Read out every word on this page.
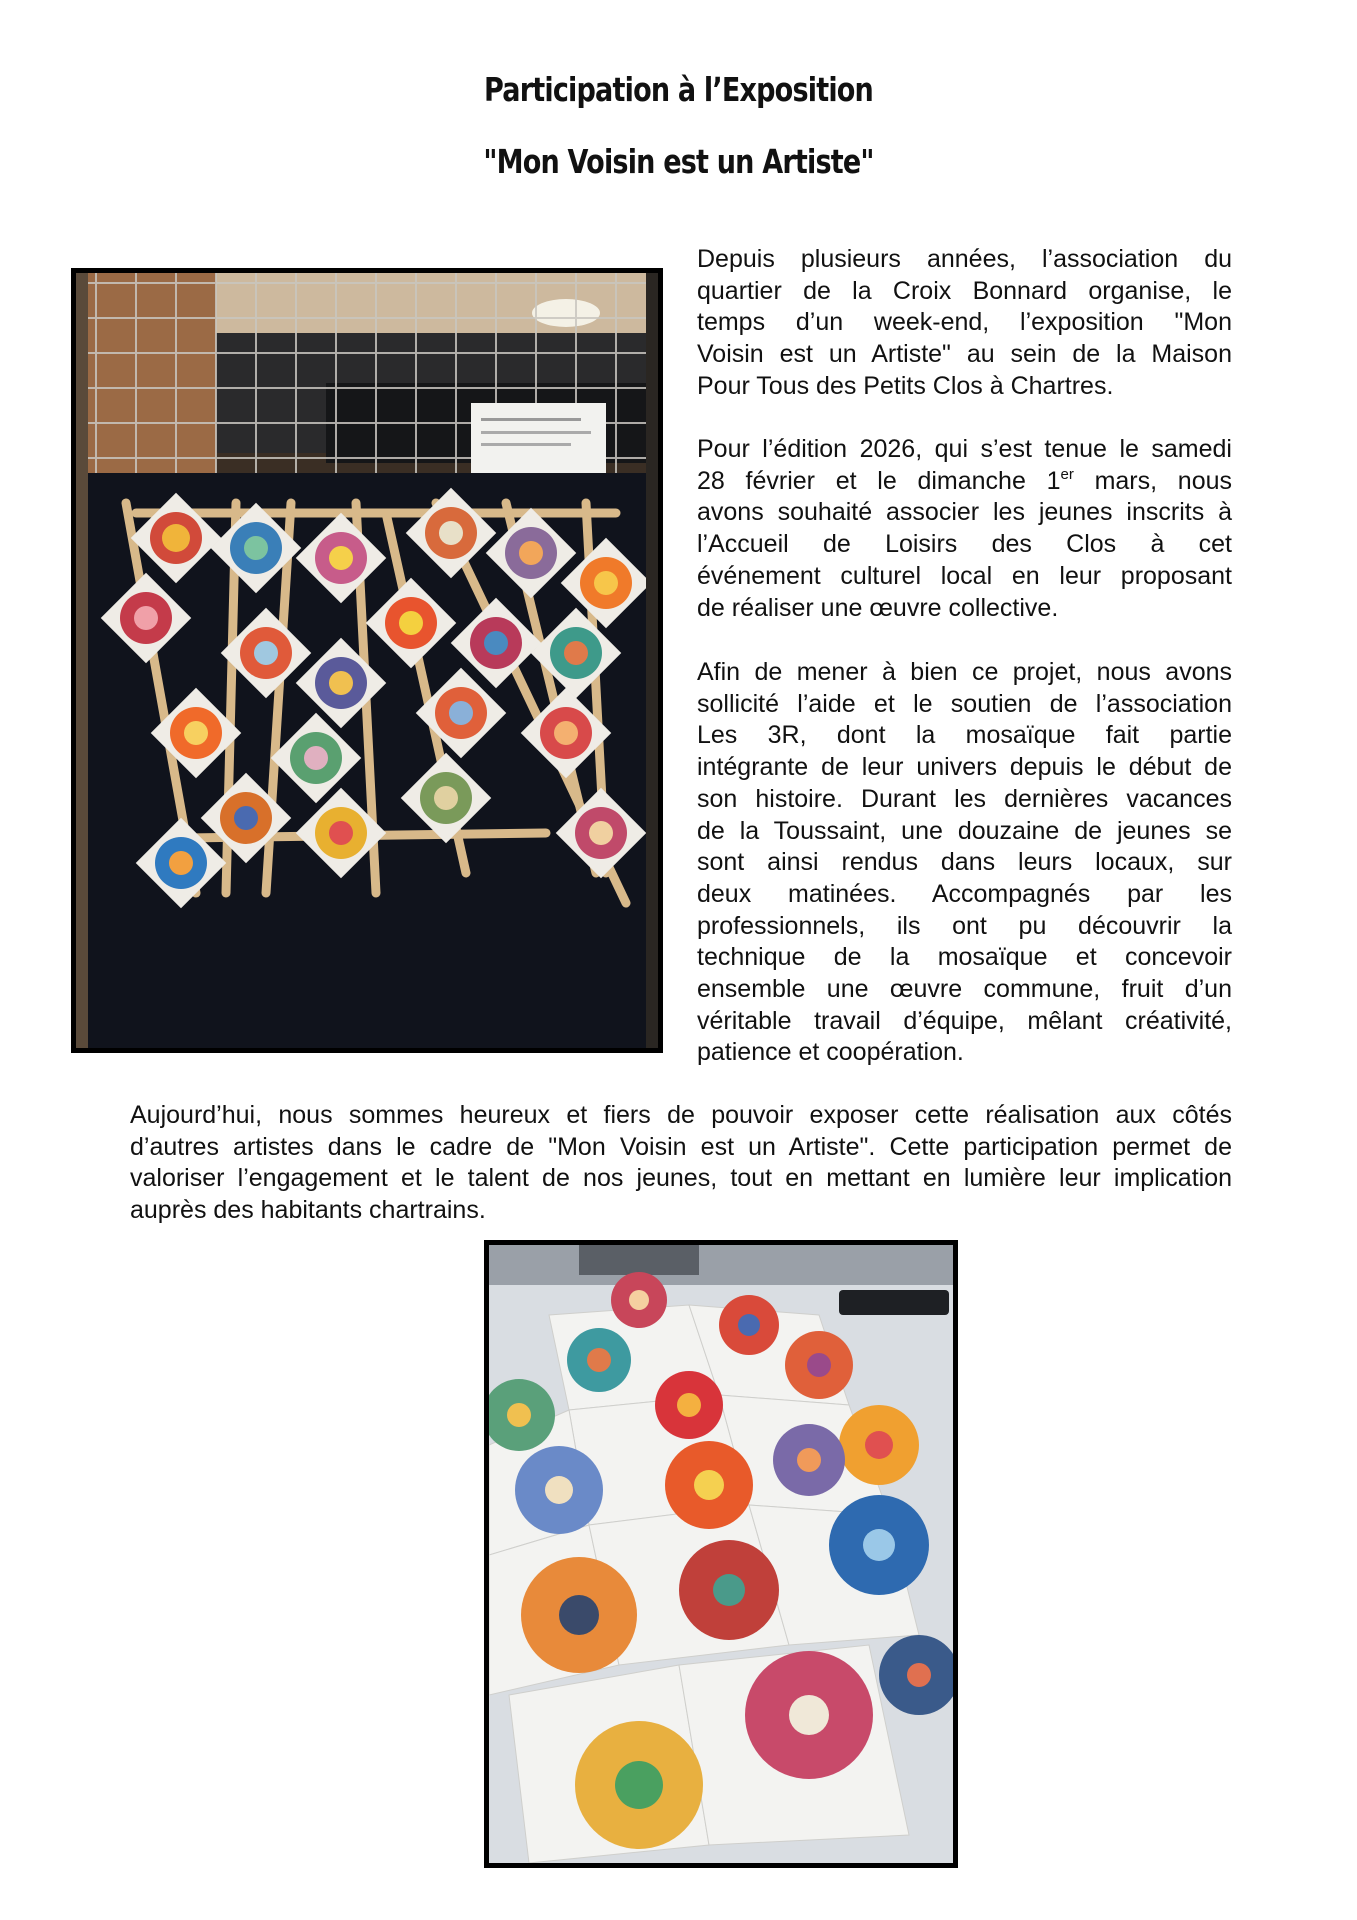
Participation à l’Exposition
"Mon Voisin est un Artiste"
Depuis plusieurs années, l’association du
quartier de la Croix Bonnard organise, le
temps d’un week-end, l’exposition "Mon
Voisin est un Artiste" au sein de la Maison
Pour Tous des Petits Clos à Chartres.
Pour l’édition 2026, qui s’est tenue le samedi
28 février et le dimanche 1er mars, nous
avons souhaité associer les jeunes inscrits à
l’Accueil de Loisirs des Clos à cet
événement culturel local en leur proposant
de réaliser une œuvre collective.
Afin de mener à bien ce projet, nous avons
sollicité l’aide et le soutien de l’association
Les 3R, dont la mosaïque fait partie
intégrante de leur univers depuis le début de
son histoire. Durant les dernières vacances
de la Toussaint, une douzaine de jeunes se
sont ainsi rendus dans leurs locaux, sur
deux matinées. Accompagnés par les
professionnels, ils ont pu découvrir la
technique de la mosaïque et concevoir
ensemble une œuvre commune, fruit d’un
véritable travail d’équipe, mêlant créativité,
patience et coopération.
Aujourd’hui, nous sommes heureux et fiers de pouvoir exposer cette réalisation aux côtés
d’autres artistes dans le cadre de "Mon Voisin est un Artiste". Cette participation permet de
valoriser l’engagement et le talent de nos jeunes, tout en mettant en lumière leur implication
auprès des habitants chartrains.
